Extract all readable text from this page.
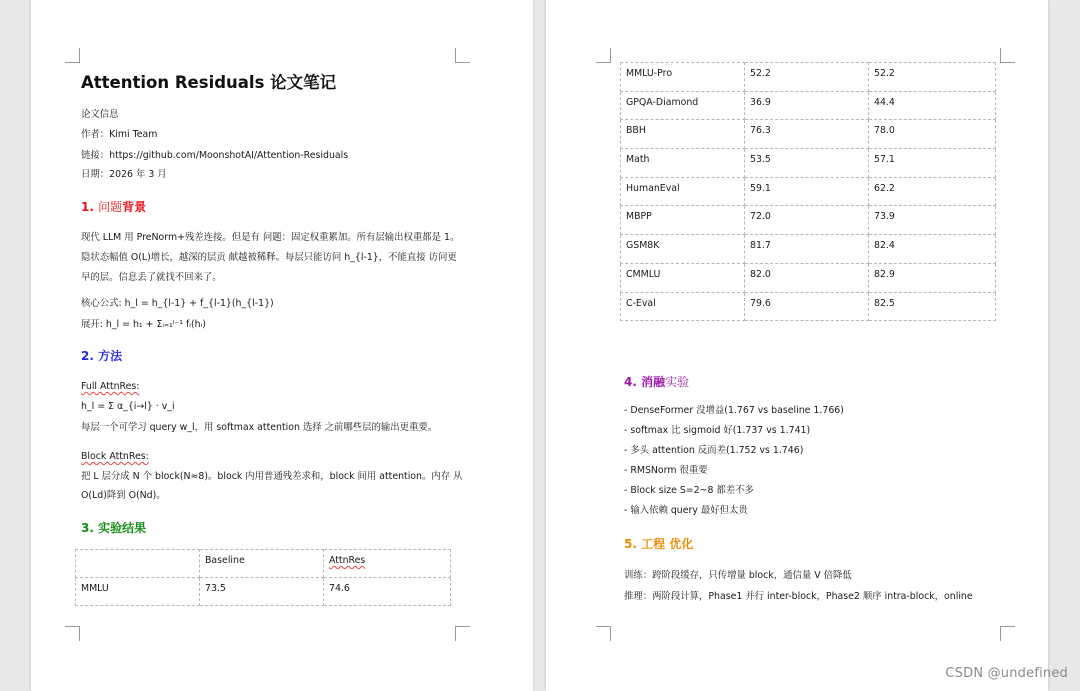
Attention Residuals 论文笔记
论文信息
作者：Kimi Team
链接：https://github.com/MoonshotAI/Attention-Residuals
日期：2026 年 3 月
1. 问题背景
现代 LLM 用 PreNorm+残差连接。但是有 问题：固定权重累加。所有层输出权重都是 1。
隐状态幅值 O(L)增长，越深的层贡 献越被稀释。每层只能访问 h_{l-1}，不能直接 访问更
早的层。信息丢了就找不回来了。
核心公式: h_l = h_{l-1} + f_{l-1}(h_{l-1})
展开: h_l = h₁ + Σᵢ₌₁ˡ⁻¹ fᵢ(hᵢ)
2. 方法
Full AttnRes:
h_l = Σ α_{i→l} · v_i
每层一个可学习 query w_l，用 softmax attention 选择 之前哪些层的输出更重要。
Block AttnRes:
把 L 层分成 N 个 block(N≈8)。block 内用普通残差求和，block 间用 attention。内存 从
O(Ld)降到 O(Nd)。
3. 实验结果
	Baseline	AttnRes
MMLU	73.5	74.6
MMLU-Pro	52.2	52.2
GPQA-Diamond	36.9	44.4
BBH	76.3	78.0
Math	53.5	57.1
HumanEval	59.1	62.2
MBPP	72.0	73.9
GSM8K	81.7	82.4
CMMLU	82.0	82.9
C-Eval	79.6	82.5
4. 消融实验
- DenseFormer 没增益(1.767 vs baseline 1.766)
- softmax 比 sigmoid 好(1.737 vs 1.741)
- 多头 attention 反而差(1.752 vs 1.746)
- RMSNorm 很重要
- Block size S=2~8 都差不多
- 输入依赖 query 最好但太贵
5. 工程 优化
训练：跨阶段缓存，只传增量 block，通信量 V 倍降低
推理：两阶段计算，Phase1 并行 inter-block，Phase2 顺序 intra-block，online
CSDN @undefined
